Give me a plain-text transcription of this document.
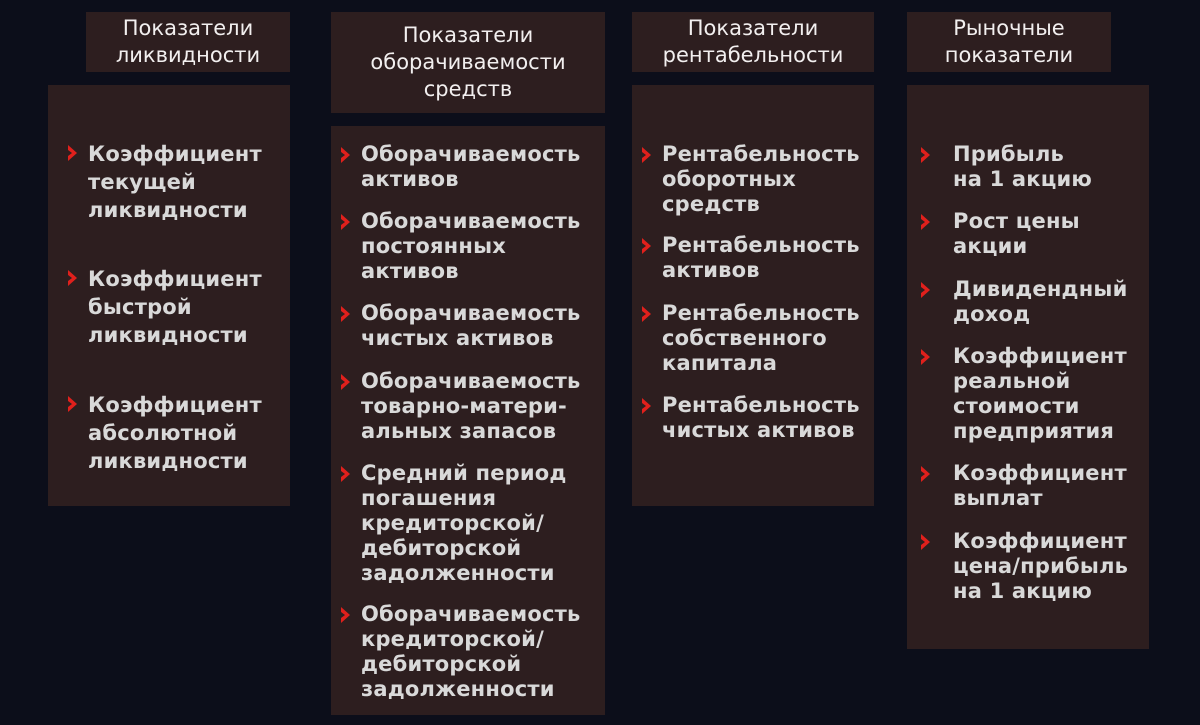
Показатели
ликвидности
Коэффициент
текущей
ликвидности
Коэффициент
быстрой
ликвидности
Коэффициент
абсолютной
ликвидности
Показатели
оборачиваемости
средств
Оборачиваемость
активов
Оборачиваемость
постоянных
активов
Оборачиваемость
чистых активов
Оборачиваемость
товарно-матери-
альных запасов
Средний период
погашения
кредиторской/
дебиторской
задолженности
Оборачиваемость
кредиторской/
дебиторской
задолженности
Показатели
рентабельности
Рентабельность
оборотных
средств
Рентабельность
активов
Рентабельность
собственного
капитала
Рентабельность
чистых активов
Рыночные
показатели
Прибыль
на 1 акцию
Рост цены
акции
Дивидендный
доход
Коэффициент
реальной
стоимости
предприятия
Коэффициент
выплат
Коэффициент
цена/прибыль
на 1 акцию
